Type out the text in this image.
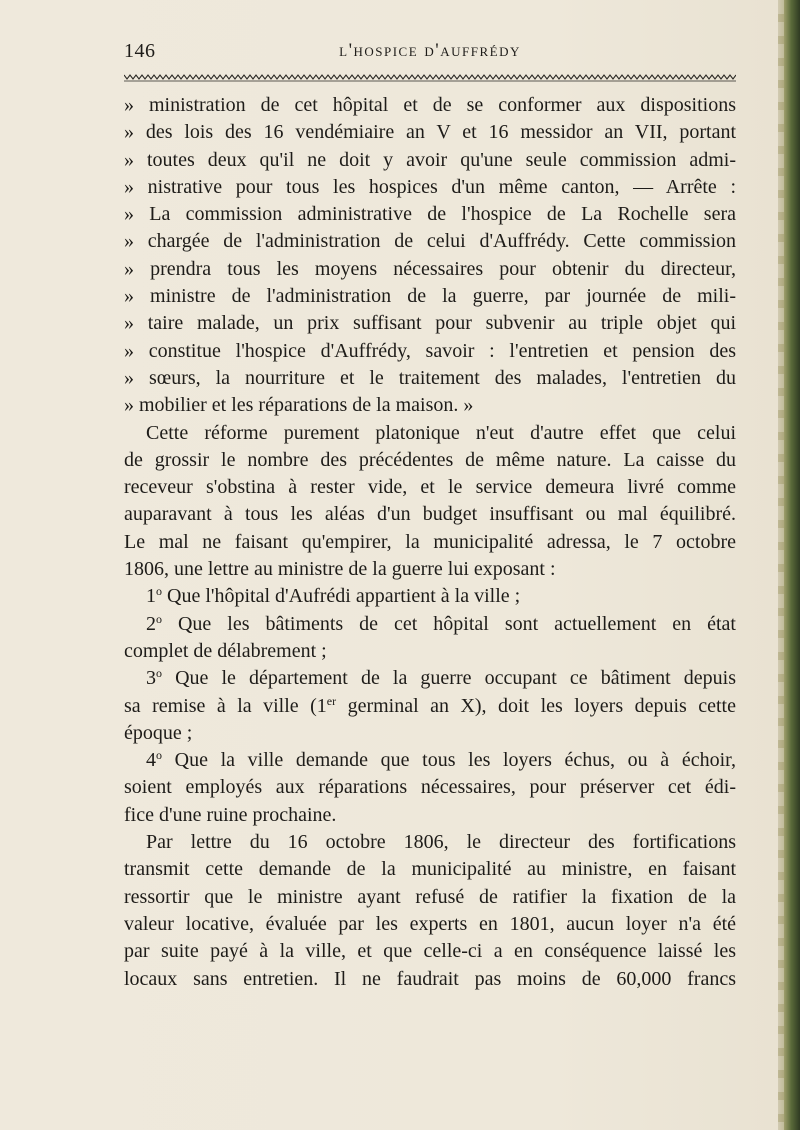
146	l'hospice d'auffrédy
» ministration de cet hôpital et de se conformer aux dispositions
» des lois des 16 vendémiaire an V et 16 messidor an VII, portant
» toutes deux qu'il ne doit y avoir qu'une seule commission admi-
» nistrative pour tous les hospices d'un même canton, — Arrête :
» La commission administrative de l'hospice de La Rochelle sera
» chargée de l'administration de celui d'Auffrédy. Cette commission
» prendra tous les moyens nécessaires pour obtenir du directeur,
» ministre de l'administration de la guerre, par journée de mili-
» taire malade, un prix suffisant pour subvenir au triple objet qui
» constitue l'hospice d'Auffrédy, savoir : l'entretien et pension des
» sœurs, la nourriture et le traitement des malades, l'entretien du
» mobilier et les réparations de la maison. »
Cette réforme purement platonique n'eut d'autre effet que celui
de grossir le nombre des précédentes de même nature. La caisse du
receveur s'obstina à rester vide, et le service demeura livré comme
auparavant à tous les aléas d'un budget insuffisant ou mal équilibré.
Le mal ne faisant qu'empirer, la municipalité adressa, le 7 octobre
1806, une lettre au ministre de la guerre lui exposant :
1$^o$ Que l'hôpital d'Aufrédi appartient à la ville ;
2$^o$ Que les bâtiments de cet hôpital sont actuellement en état
complet de délabrement ;
3$^o$ Que le département de la guerre occupant ce bâtiment depuis
sa remise à la ville (1er germinal an X), doit les loyers depuis cette
époque ;
4$^o$ Que la ville demande que tous les loyers échus, ou à échoir,
soient employés aux réparations nécessaires, pour préserver cet édi-
fice d'une ruine prochaine.
Par lettre du 16 octobre 1806, le directeur des fortifications
transmit cette demande de la municipalité au ministre, en faisant
ressortir que le ministre ayant refusé de ratifier la fixation de la
valeur locative, évaluée par les experts en 1801, aucun loyer n'a été
par suite payé à la ville, et que celle-ci a en conséquence laissé les
locaux sans entretien. Il ne faudrait pas moins de 60,000 francs
